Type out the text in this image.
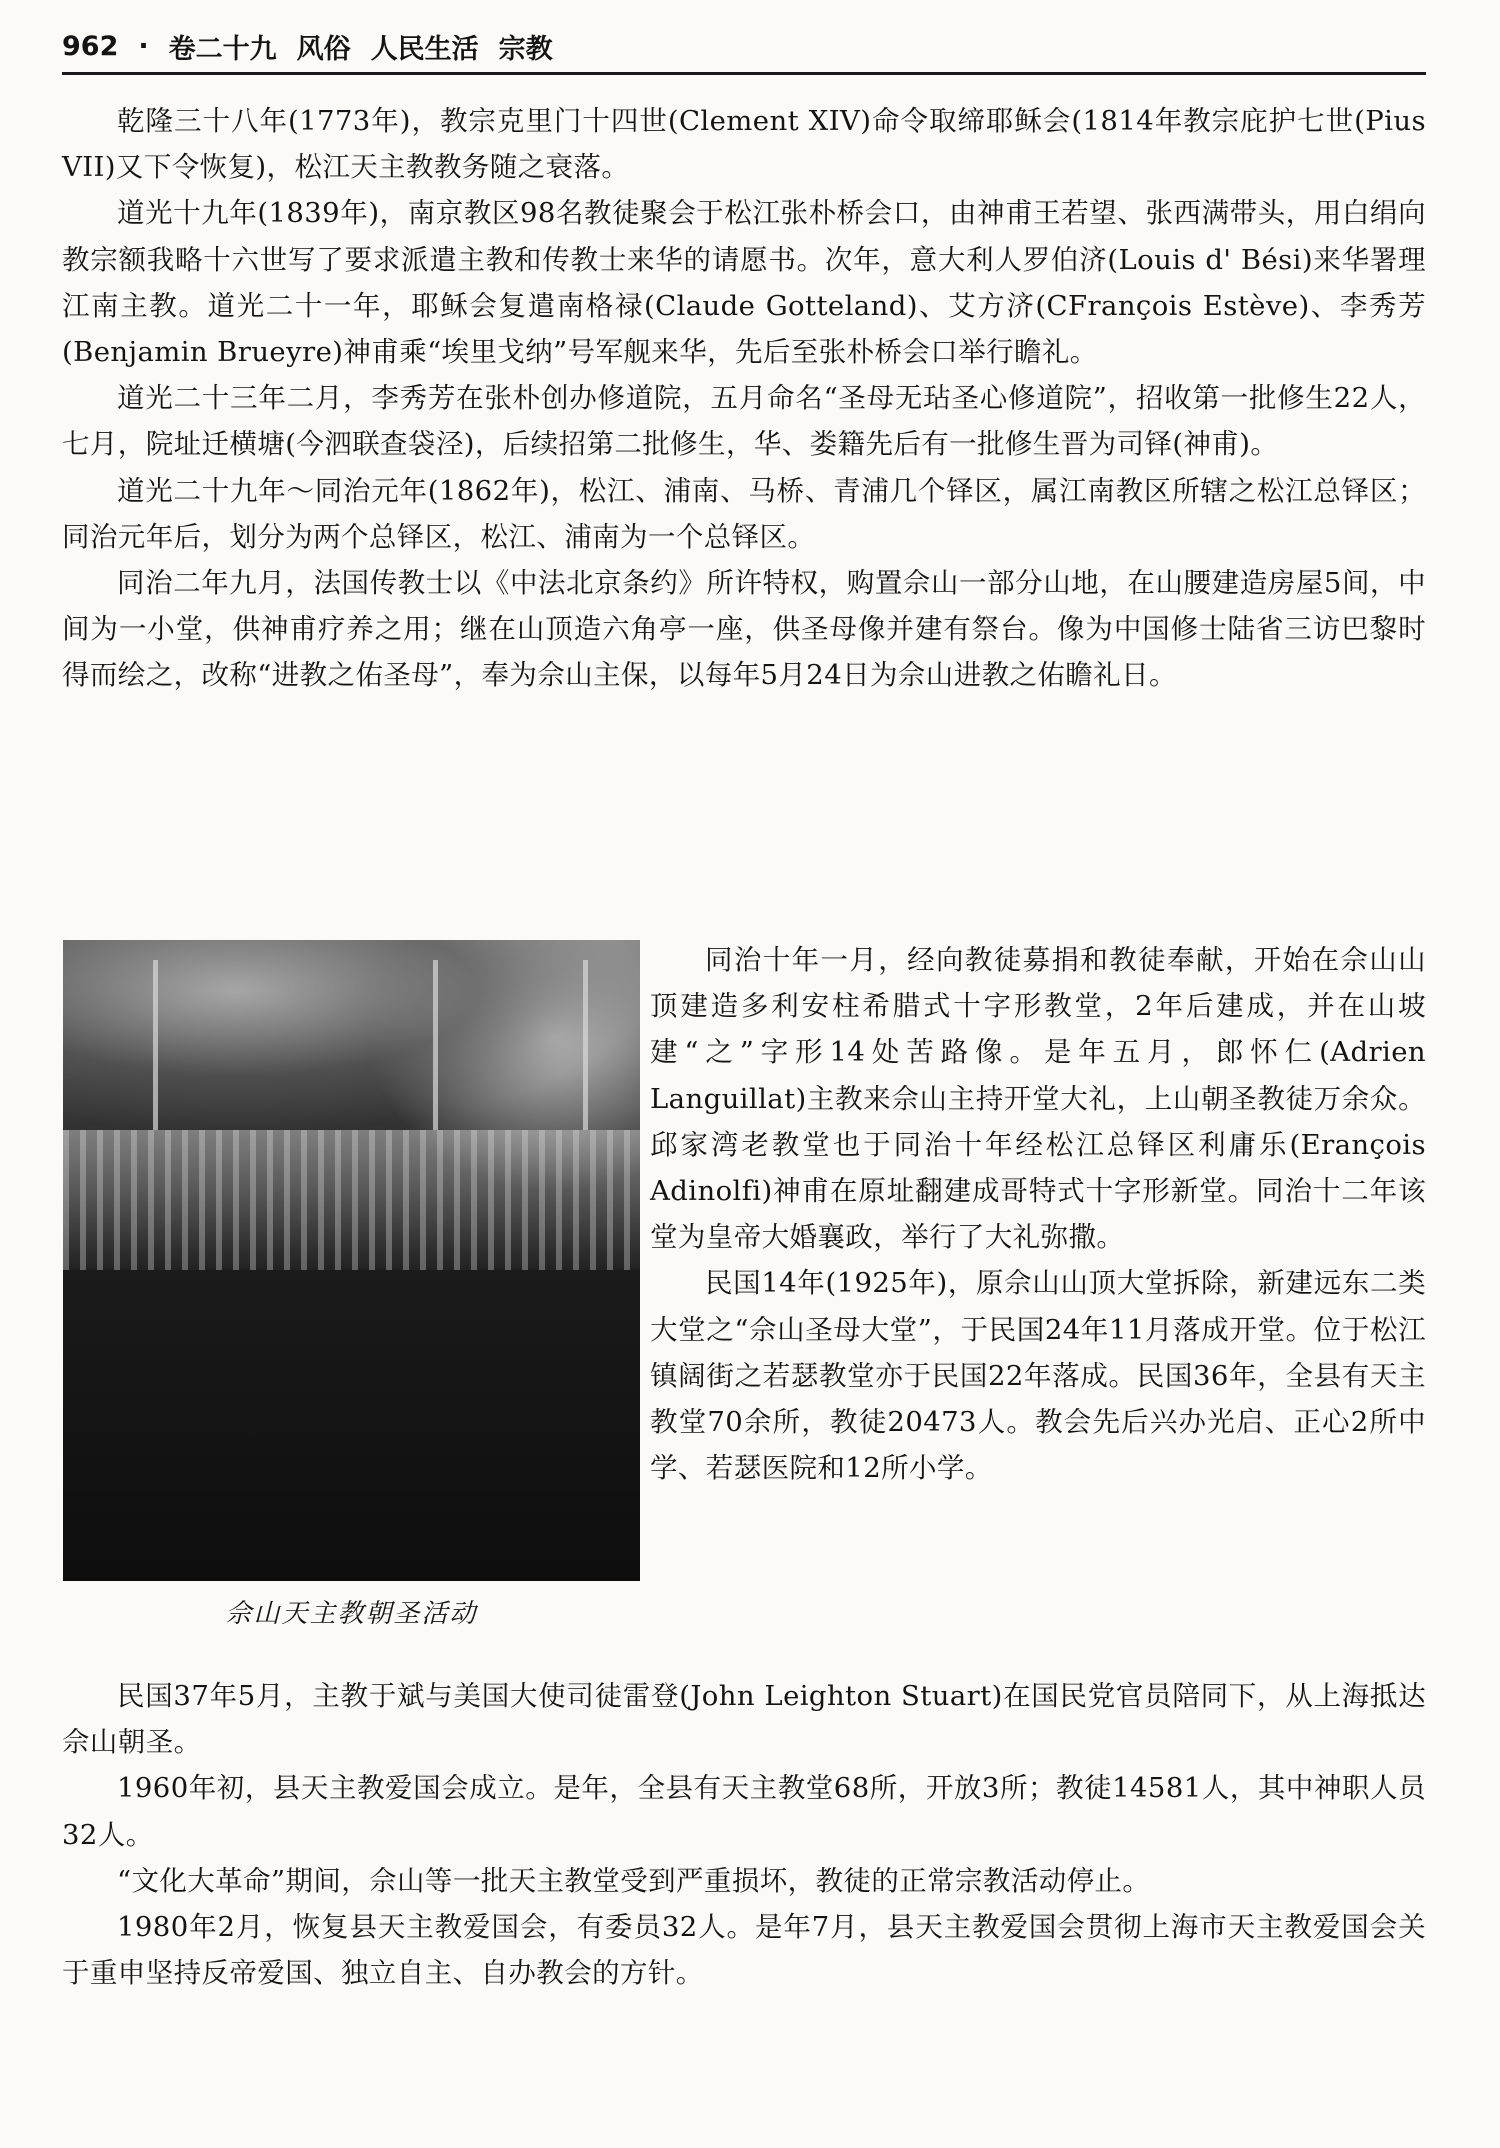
962 · 卷二十九 风俗 人民生活 宗教

乾隆三十八年(1773年)，教宗克里门十四世(Clement XIV)命令取缔耶稣会(1814年教宗庇护七世(Pius VII)又下令恢复)，松江天主教教务随之衰落。

道光十九年(1839年)，南京教区98名教徒聚会于松江张朴桥会口，由神甫王若望、张西满带头，用白绢向教宗额我略十六世写了要求派遣主教和传教士来华的请愿书。次年，意大利人罗伯济(Louis d' Bési)来华署理江南主教。道光二十一年，耶稣会复遣南格禄(Claude Gotteland)、艾方济(CFrançois Estève)、李秀芳(Benjamin Brueyre)神甫乘“埃里戈纳”号军舰来华，先后至张朴桥会口举行瞻礼。

道光二十三年二月，李秀芳在张朴创办修道院，五月命名“圣母无玷圣心修道院”，招收第一批修生22人，七月，院址迁横塘(今泗联查袋泾)，后续招第二批修生，华、娄籍先后有一批修生晋为司铎(神甫)。

道光二十九年～同治元年(1862年)，松江、浦南、马桥、青浦几个铎区，属江南教区所辖之松江总铎区；同治元年后，划分为两个总铎区，松江、浦南为一个总铎区。

同治二年九月，法国传教士以《中法北京条约》所许特权，购置佘山一部分山地，在山腰建造房屋5间，中间为一小堂，供神甫疗养之用；继在山顶造六角亭一座，供圣母像并建有祭台。像为中国修士陆省三访巴黎时得而绘之，改称“进教之佑圣母”，奉为佘山主保，以每年5月24日为佘山进教之佑瞻礼日。

佘山天主教朝圣活动

同治十年一月，经向教徒募捐和教徒奉献，开始在佘山山顶建造多利安柱希腊式十字形教堂，2年后建成，并在山坡建“之”字形14处苦路像。是年五月，郎怀仁(Adrien Languillat)主教来佘山主持开堂大礼，上山朝圣教徒万余众。邱家湾老教堂也于同治十年经松江总铎区利庸乐(Erançois Adinolfi)神甫在原址翻建成哥特式十字形新堂。同治十二年该堂为皇帝大婚襄政，举行了大礼弥撒。

民国14年(1925年)，原佘山山顶大堂拆除，新建远东二类大堂之“佘山圣母大堂”，于民国24年11月落成开堂。位于松江镇阔街之若瑟教堂亦于民国22年落成。民国36年，全县有天主教堂70余所，教徒20473人。教会先后兴办光启、正心2所中学、若瑟医院和12所小学。

民国37年5月，主教于斌与美国大使司徒雷登(John Leighton Stuart)在国民党官员陪同下，从上海抵达佘山朝圣。

1960年初，县天主教爱国会成立。是年，全县有天主教堂68所，开放3所；教徒14581人，其中神职人员32人。

“文化大革命”期间，佘山等一批天主教堂受到严重损坏，教徒的正常宗教活动停止。

1980年2月，恢复县天主教爱国会，有委员32人。是年7月，县天主教爱国会贯彻上海市天主教爱国会关于重申坚持反帝爱国、独立自主、自办教会的方针。
